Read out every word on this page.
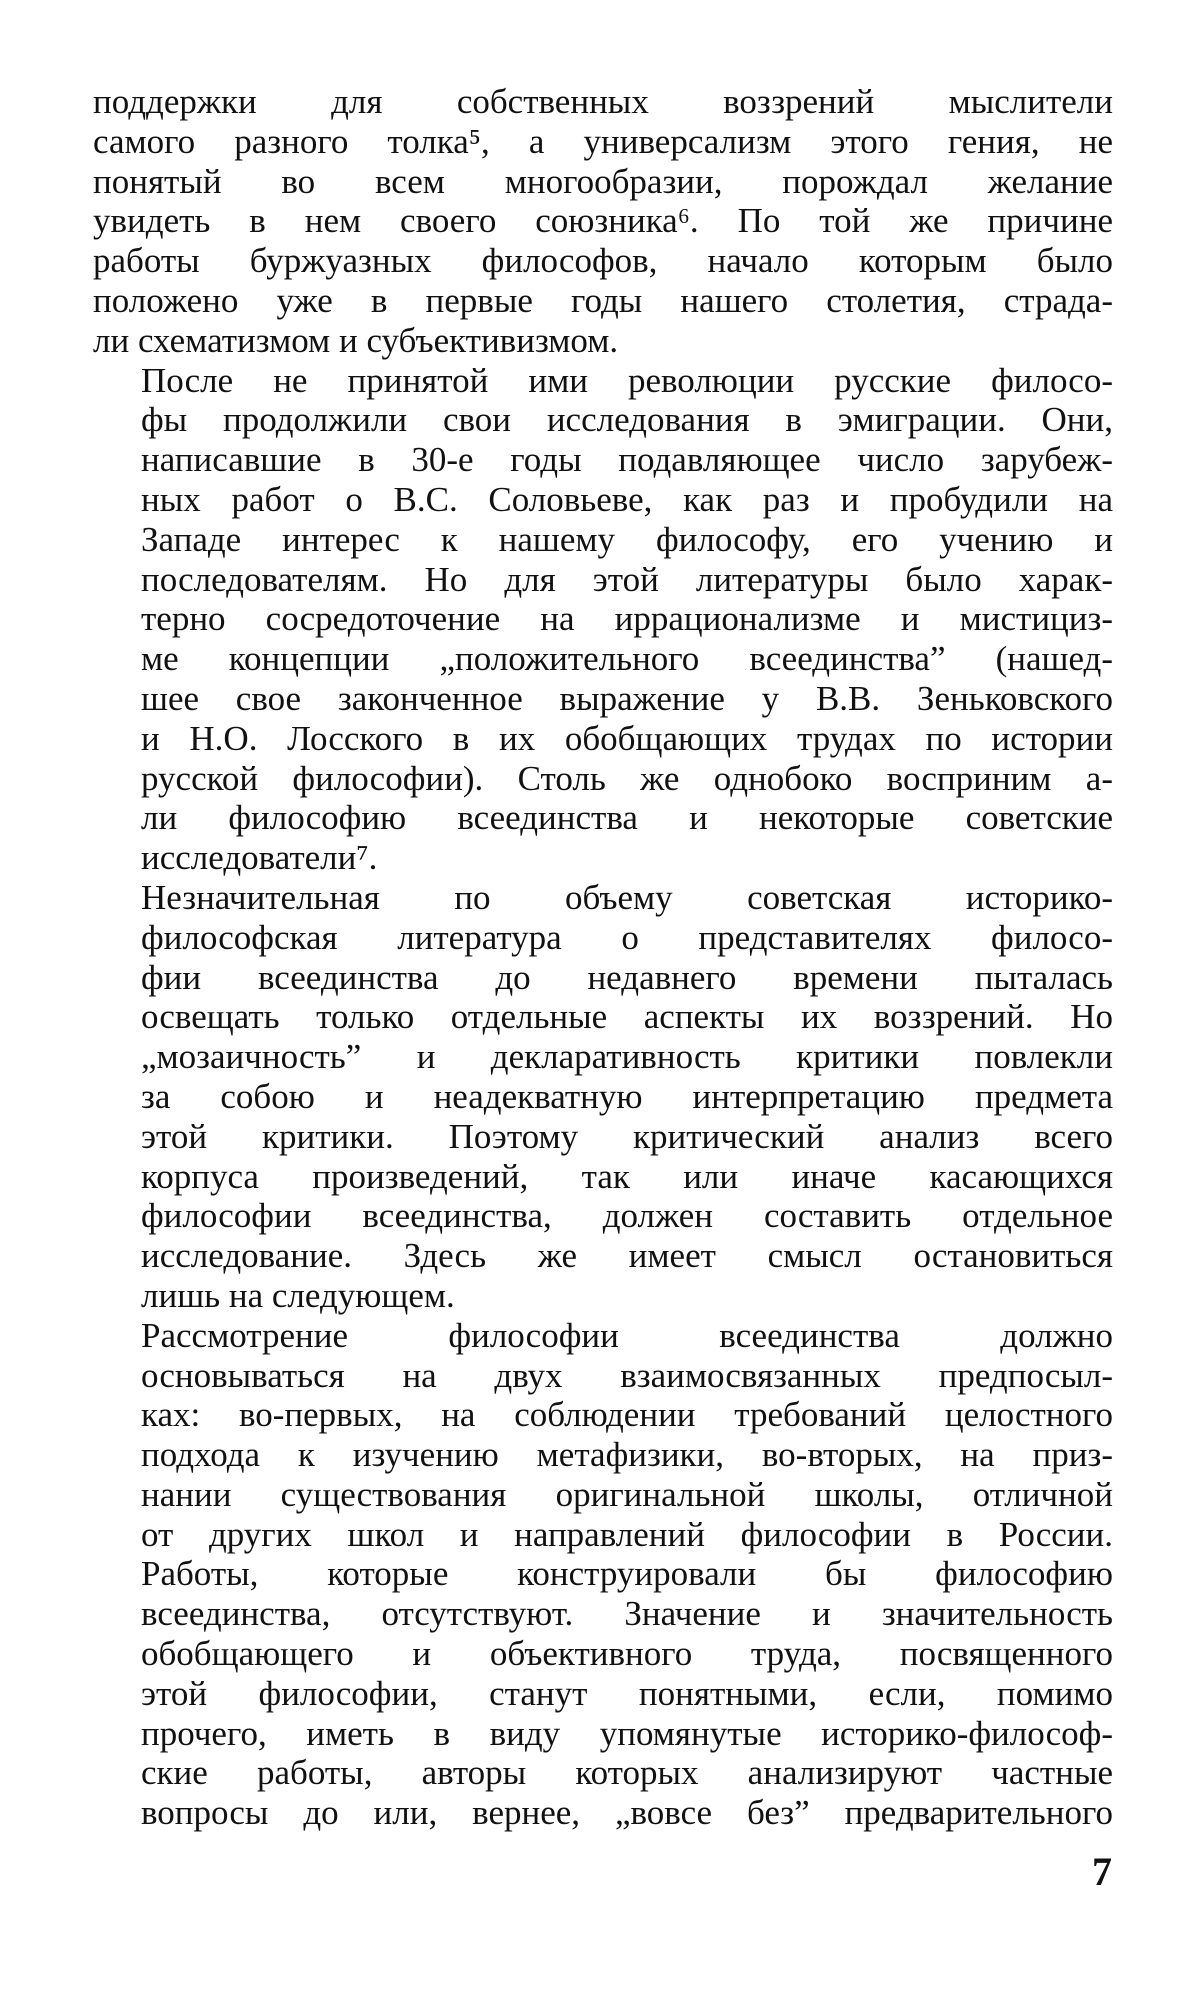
поддержки для собственных воззрений мыслители
самого разного толка⁵, а универсализм этого гения, не
понятый во всем многообразии, порождал желание
увидеть в нем своего союзника⁶. По той же причине
работы буржуазных философов, начало которым было
положено уже в первые годы нашего столетия, страда-
ли схематизмом и субъективизмом.

После не принятой ими революции русские филосо-
фы продолжили свои исследования в эмиграции. Они,
написавшие в 30-е годы подавляющее число зарубеж-
ных работ о В.С. Соловьеве, как раз и пробудили на
Западе интерес к нашему философу, его учению и
последователям. Но для этой литературы было харак-
терно сосредоточение на иррационализме и мистициз-
ме концепции „положительного всеединства” (нашед-
шее свое законченное выражение у В.В. Зеньковского
и Н.О. Лосского в их обобщающих трудах по истории
русской философии). Столь же однобоко восприним а-
ли философию всеединства и некоторые советские
исследователи⁷.

Незначительная по объему советская историко-
философская литература о представителях филосо-
фии всеединства до недавнего времени пыталась
освещать только отдельные аспекты их воззрений. Но
„мозаичность” и декларативность критики повлекли
за собою и неадекватную интерпретацию предмета
этой критики. Поэтому критический анализ всего
корпуса произведений, так или иначе касающихся
философии всеединства, должен составить отдельное
исследование. Здесь же имеет смысл остановиться
лишь на следующем.

Рассмотрение философии всеединства должно
основываться на двух взаимосвязанных предпосыл-
ках: во-первых, на соблюдении требований целостного
подхода к изучению метафизики, во-вторых, на приз-
нании существования оригинальной школы, отличной
от других школ и направлений философии в России.
Работы, которые конструировали бы философию
всеединства, отсутствуют. Значение и значительность
обобщающего и объективного труда, посвященного
этой философии, станут понятными, если, помимо
прочего, иметь в виду упомянутые историко-философ-
ские работы, авторы которых анализируют частные
вопросы до или, вернее, „вовсе без” предварительного

7
